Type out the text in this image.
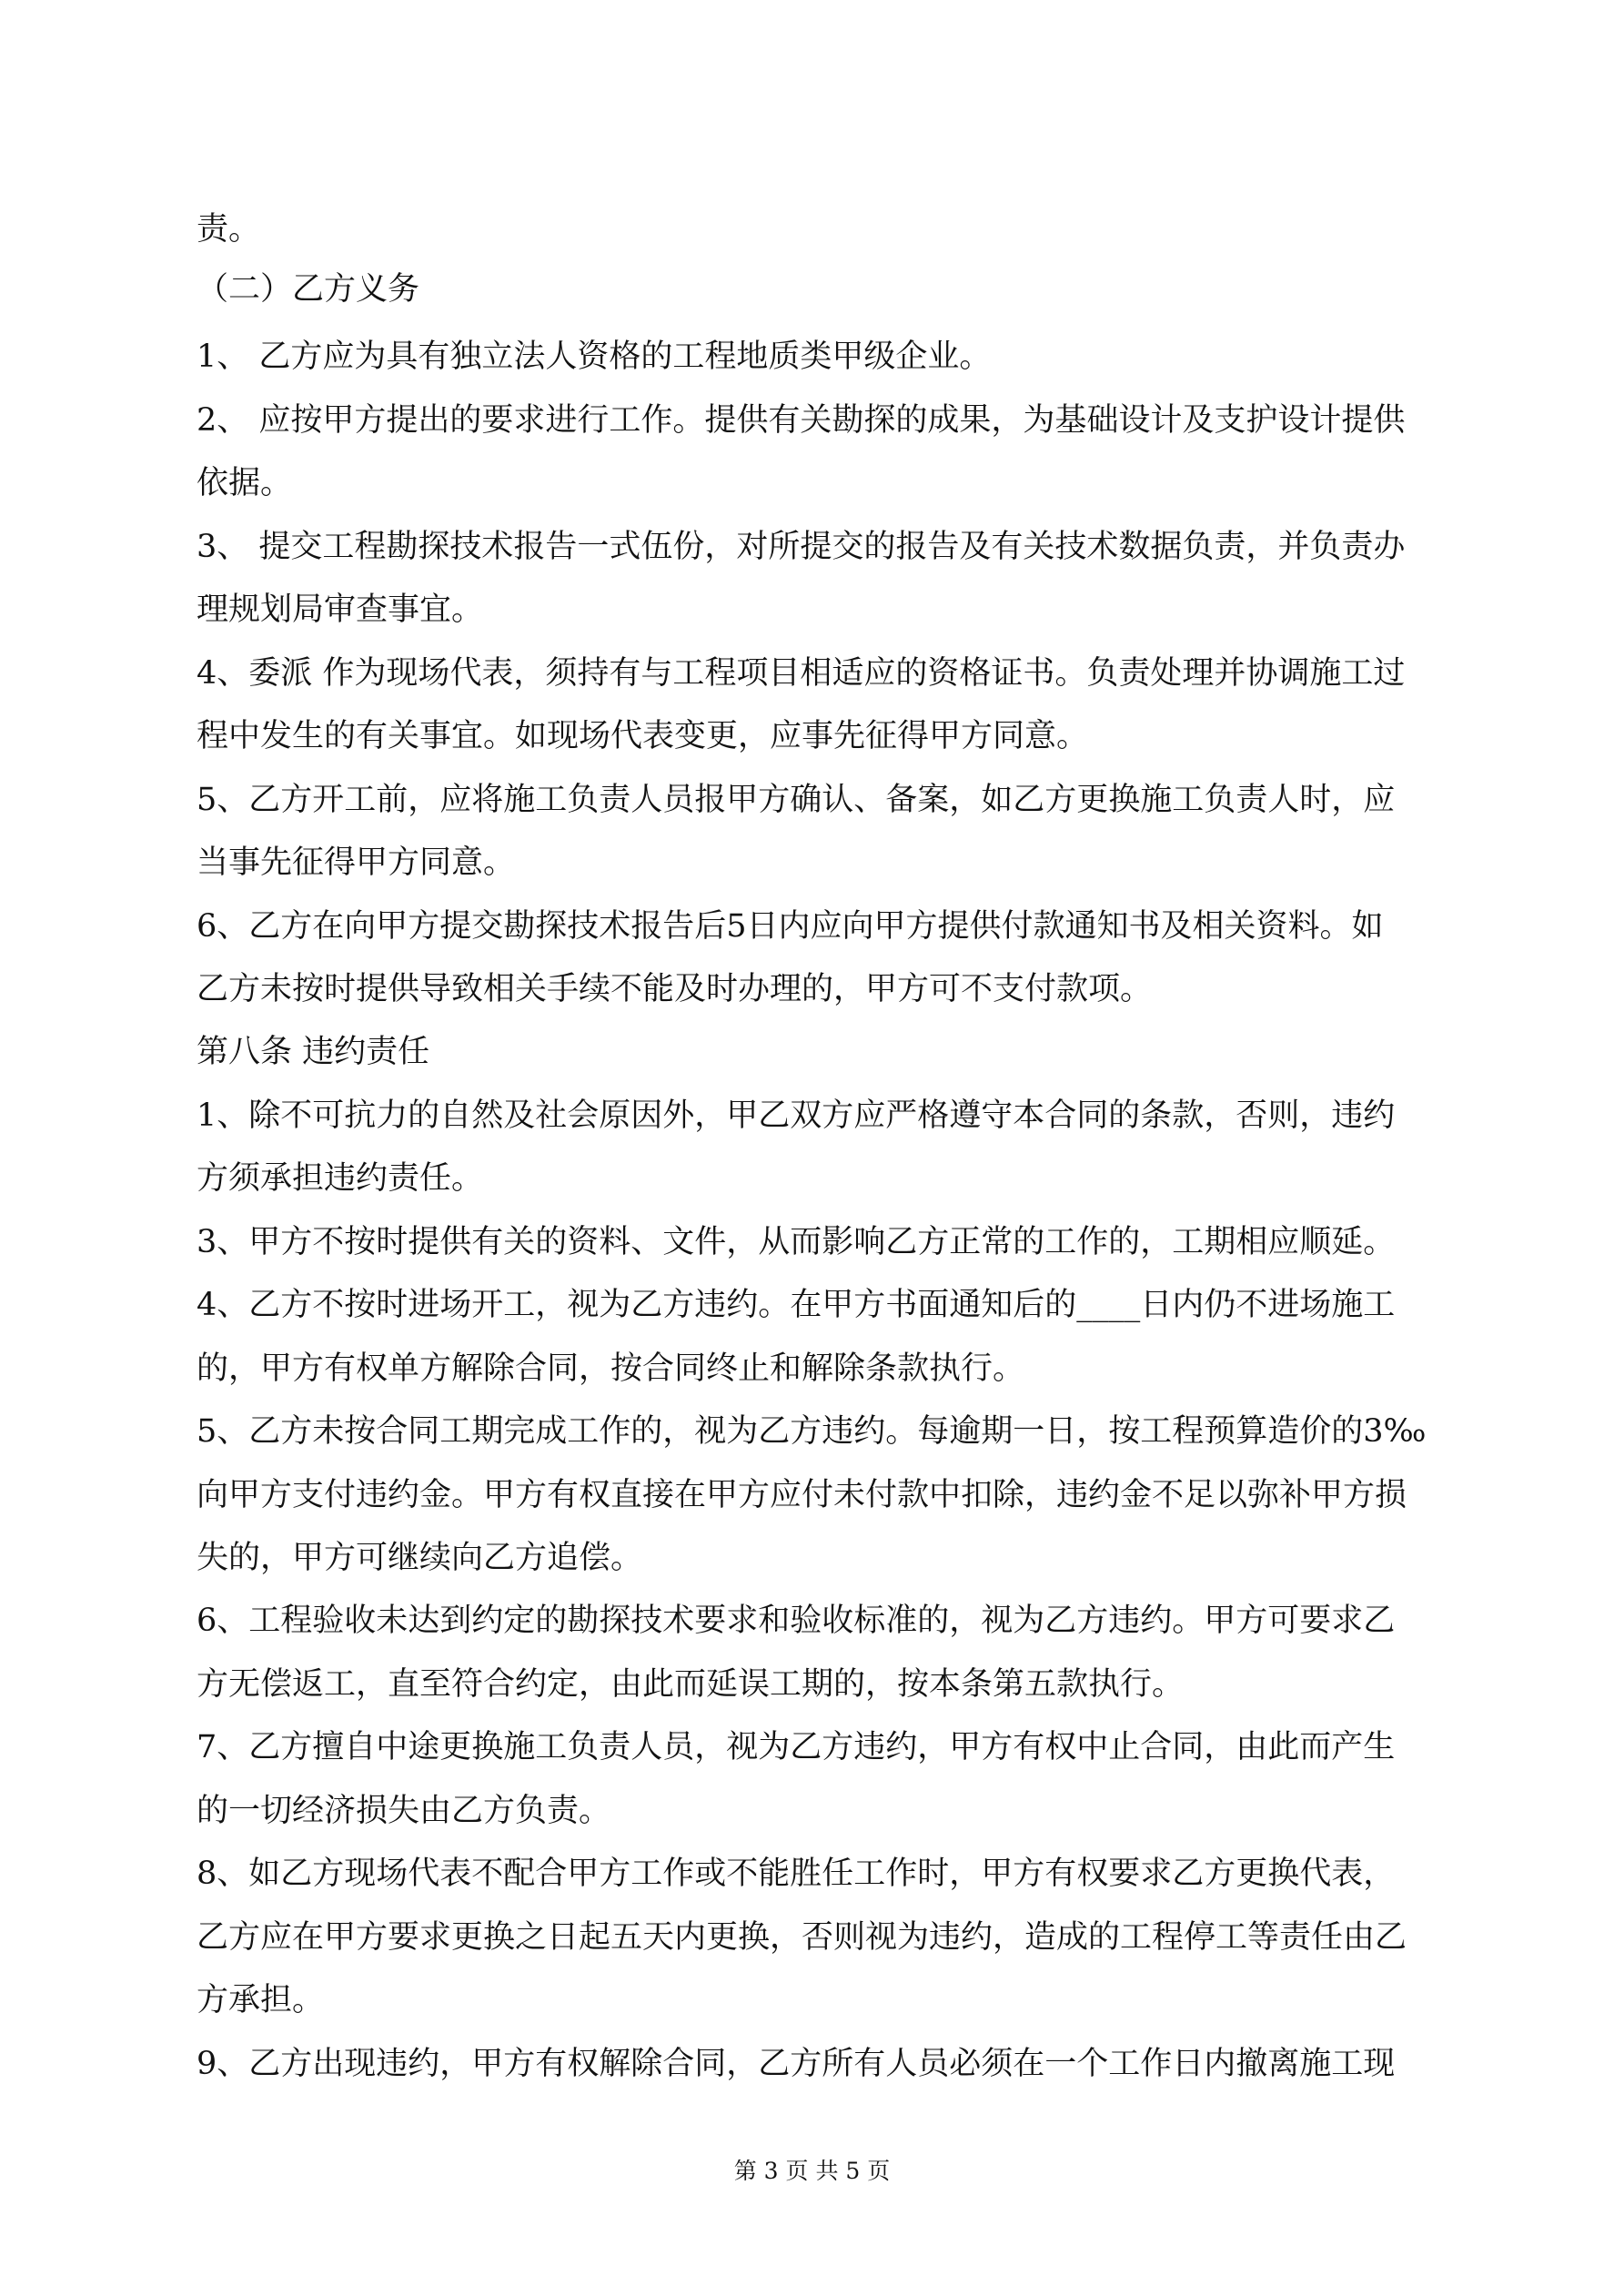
责。
（二）乙方义务
1、 乙方应为具有独立法人资格的工程地质类甲级企业。
2、 应按甲方提出的要求进行工作。提供有关勘探的成果，为基础设计及支护设计提供
依据。
3、 提交工程勘探技术报告一式伍份，对所提交的报告及有关技术数据负责，并负责办
理规划局审查事宜。
4、委派 作为现场代表，须持有与工程项目相适应的资格证书。负责处理并协调施工过
程中发生的有关事宜。如现场代表变更，应事先征得甲方同意。
5、乙方开工前，应将施工负责人员报甲方确认、备案，如乙方更换施工负责人时，应
当事先征得甲方同意。
6、乙方在向甲方提交勘探技术报告后5日内应向甲方提供付款通知书及相关资料。如
乙方未按时提供导致相关手续不能及时办理的，甲方可不支付款项。
第八条 违约责任
1、除不可抗力的自然及社会原因外，甲乙双方应严格遵守本合同的条款，否则，违约
方须承担违约责任。
3、甲方不按时提供有关的资料、文件，从而影响乙方正常的工作的，工期相应顺延。
4、乙方不按时进场开工，视为乙方违约。在甲方书面通知后的____日内仍不进场施工
的，甲方有权单方解除合同，按合同终止和解除条款执行。
5、乙方未按合同工期完成工作的，视为乙方违约。每逾期一日，按工程预算造价的3‰
向甲方支付违约金。甲方有权直接在甲方应付未付款中扣除，违约金不足以弥补甲方损
失的，甲方可继续向乙方追偿。
6、工程验收未达到约定的勘探技术要求和验收标准的，视为乙方违约。甲方可要求乙
方无偿返工，直至符合约定，由此而延误工期的，按本条第五款执行。
7、乙方擅自中途更换施工负责人员，视为乙方违约，甲方有权中止合同，由此而产生
的一切经济损失由乙方负责。
8、如乙方现场代表不配合甲方工作或不能胜任工作时，甲方有权要求乙方更换代表，
乙方应在甲方要求更换之日起五天内更换，否则视为违约，造成的工程停工等责任由乙
方承担。
9、乙方出现违约，甲方有权解除合同，乙方所有人员必须在一个工作日内撤离施工现
第 3 页 共 5 页
